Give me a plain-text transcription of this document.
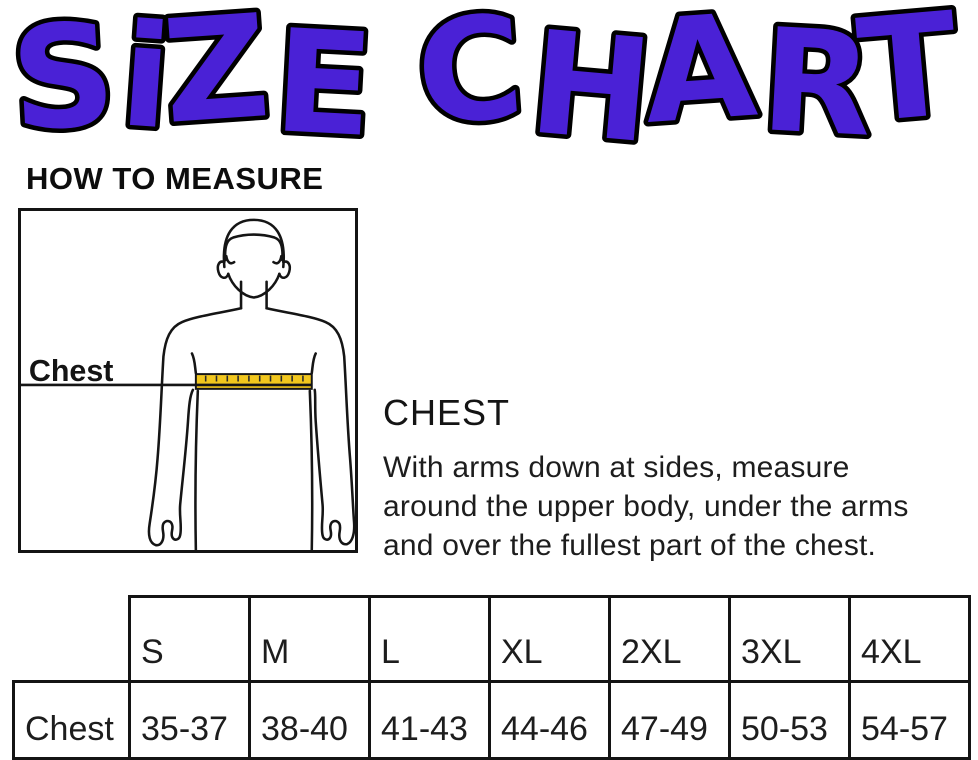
SiZE CHART
HOW TO MEASURE
Chest
CHEST
With arms down at sides, measure
around the upper body, under the arms
and over the fullest part of the chest.
	S	M	L	XL	2XL	3XL	4XL
Chest	35-37	38-40	41-43	44-46	47-49	50-53	54-57
